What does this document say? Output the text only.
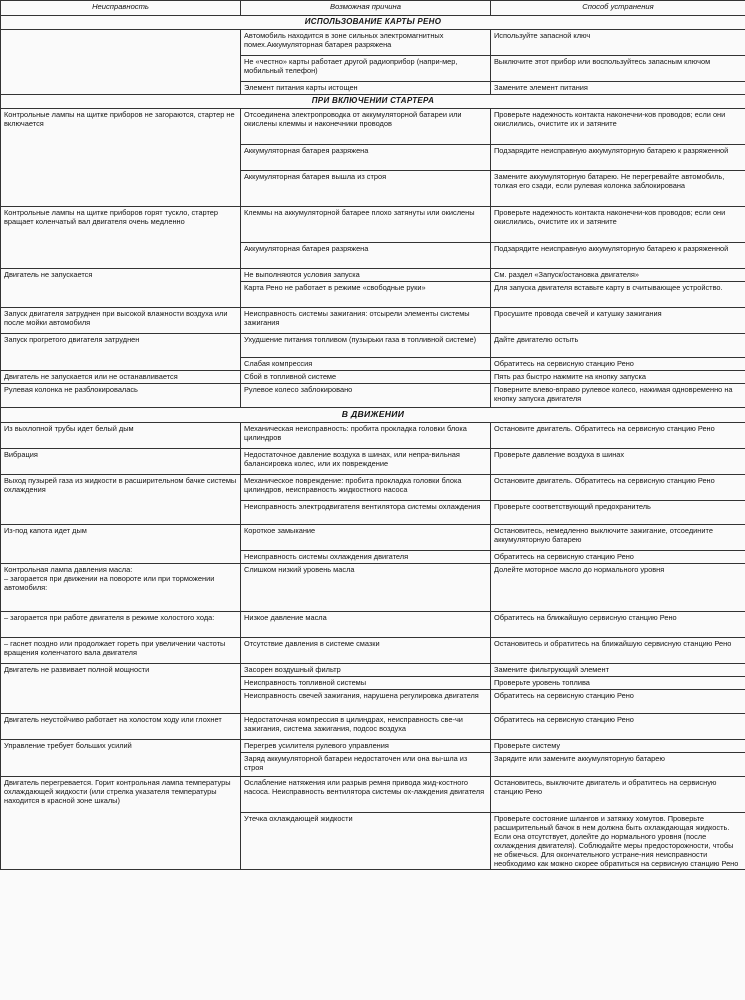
Неисправность	Возможная причина	Способ устранения
ИСПОЛЬЗОВАНИЕ КАРТЫ РЕНО		
	Автомобиль находится в зоне сильных электромагнитных помех.Аккумуляторная батарея разряжена	Используйте запасной ключ
	Не «честно» карты работает другой радиоприбор (напри-мер, мобильный телефон)	Выключите этот прибор или воспользуйтесь запасным ключом
	Элемент питания карты истощен	Замените элемент питания
ПРИ ВКЛЮЧЕНИИ СТАРТЕРА		
Контрольные лампы на щитке приборов не загораются, стартер не включается	Отсоединена электропроводка от аккумуляторной батареи или окислены клеммы и наконечники проводов	Проверьте надежность контакта наконечни-ков проводов; если они окислились, очистите их и затяните
	Аккумуляторная батарея разряжена	Подзарядите неисправную аккумуляторную батарею к разряженной
	Аккумуляторная батарея вышла из строя	Замените аккумуляторную батарею. Не перегревайте автомобиль, толкая его сзади, если рулевая колонка заблокирована
Контрольные лампы на щитке приборов горят тускло, стартер вращает коленчатый вал двигателя очень медленно	Клеммы на аккумуляторной батарее плохо затянуты или окислены	Проверьте надежность контакта наконечни-ков проводов; если они окислились, очистите их и затяните
	Аккумуляторная батарея разряжена	Подзарядите неисправную аккумуляторную батарею к разряженной
Двигатель не запускается	Не выполняются условия запуска	См. раздел «Запуск/остановка двигателя»
	Карта Рено не работает в режиме «свободные руки»	Для запуска двигателя вставьте карту в считывающее устройство.
Запуск двигателя затруднен при высокой влажности воздуха или после мойки автомобиля	Неисправность системы зажигания: отсырели элементы системы зажигания	Просушите провода свечей и катушку зажигания
Запуск прогретого двигателя затруднен	Ухудшение питания топливом (пузырьки газа в топливной системе)	Дайте двигателю остыть
	Слабая компрессия	Обратитесь на сервисную станцию Рено
Двигатель не запускается или не останавливается	Сбой в топливной системе	Пять раз быстро нажмите на кнопку запуска
Рулевая колонка не разблокировалась	Рулевое колесо заблокировано	Поверните влево-вправо рулевое колесо, нажимая одновременно на кнопку запуска двигателя
В ДВИЖЕНИИ		
Из выхлопной трубы идет белый дым	Механическая неисправность: пробита прокладка головки блока цилиндров	Остановите двигатель. Обратитесь на сервисную станцию Рено
Вибрация	Недостаточное давление воздуха в шинах, или непра-вильная балансировка колес, или их повреждение	Проверьте давление воздуха в шинах
Выход пузырей газа из жидкости в расширительном бачке системы охлаждения	Механическое повреждение: пробита прокладка головки блока цилиндров, неисправность жидкостного насоса	Остановите двигатель. Обратитесь на сервисную станцию Рено
	Неисправность электродвигателя вентилятора системы охлаждения	Проверьте соответствующий предохранитель
Из-под капота идет дым	Короткое замыкание	Остановитесь, немедленно выключите зажигание, отсоедините аккумуляторную батарею
	Неисправность системы охлаждения двигателя	Обратитесь на сервисную станцию Рено

Контрольная лампа давления масла:
– загорается при движении на повороте или при торможении автомобиля:	Слишком низкий уровень масла	Долейте моторное масло до нормального уровня
– загорается при работе двигателя в режиме холостого хода:	Низкое давление масла	Обратитесь на ближайшую сервисную станцию Рено
– гаснет поздно или продолжает гореть при увеличении частоты вращения коленчатого вала двигателя	Отсутствие давления в системе смазки	Остановитесь и обратитесь на ближайшую сервисную станцию Рено
Двигатель не развивает полной мощности	Засорен воздушный фильтр	Замените фильтрующий элемент
	Неисправность топливной системы	Проверьте уровень топлива
	Неисправность свечей зажигания, нарушена регулировка двигателя	Обратитесь на сервисную станцию Рено
Двигатель неустойчиво работает на холостом ходу или глохнет	Недостаточная компрессия в цилиндрах, неисправность све-чи зажигания, система зажигания, подсос воздуха	Обратитесь на сервисную станцию Рено
Управление требует больших усилий	Перегрев усилителя рулевого управления	Проверьте систему
	Заряд аккумуляторной батареи недостаточен или она вы-шла из строя	Зарядите или замените аккумуляторную батарею
Двигатель перегревается. Горит контрольная лампа температуры охлаждающей жидкости (или стрелка указателя температуры находится в красной зоне шкалы)	Ослабление натяжения или разрыв ремня привода жид-костного насоса. Неисправность вентилятора системы ох-лаждения двигателя	Остановитесь, выключите двигатель и обратитесь на сервисную станцию Рено
	Утечка охлаждающей жидкости	Проверьте состояние шлангов и затяжку хомутов. Проверьте расширительный бачок в нем должна быть охлаждающая жидкость. Если она отсутствует, долейте до нормального уровня (после охлаждения двигателя). Соблюдайте меры предосторожности, чтобы не обжечься. Для окончательного устране-ния неисправности необходимо как можно скорее обратиться на сервисную станцию Рено
